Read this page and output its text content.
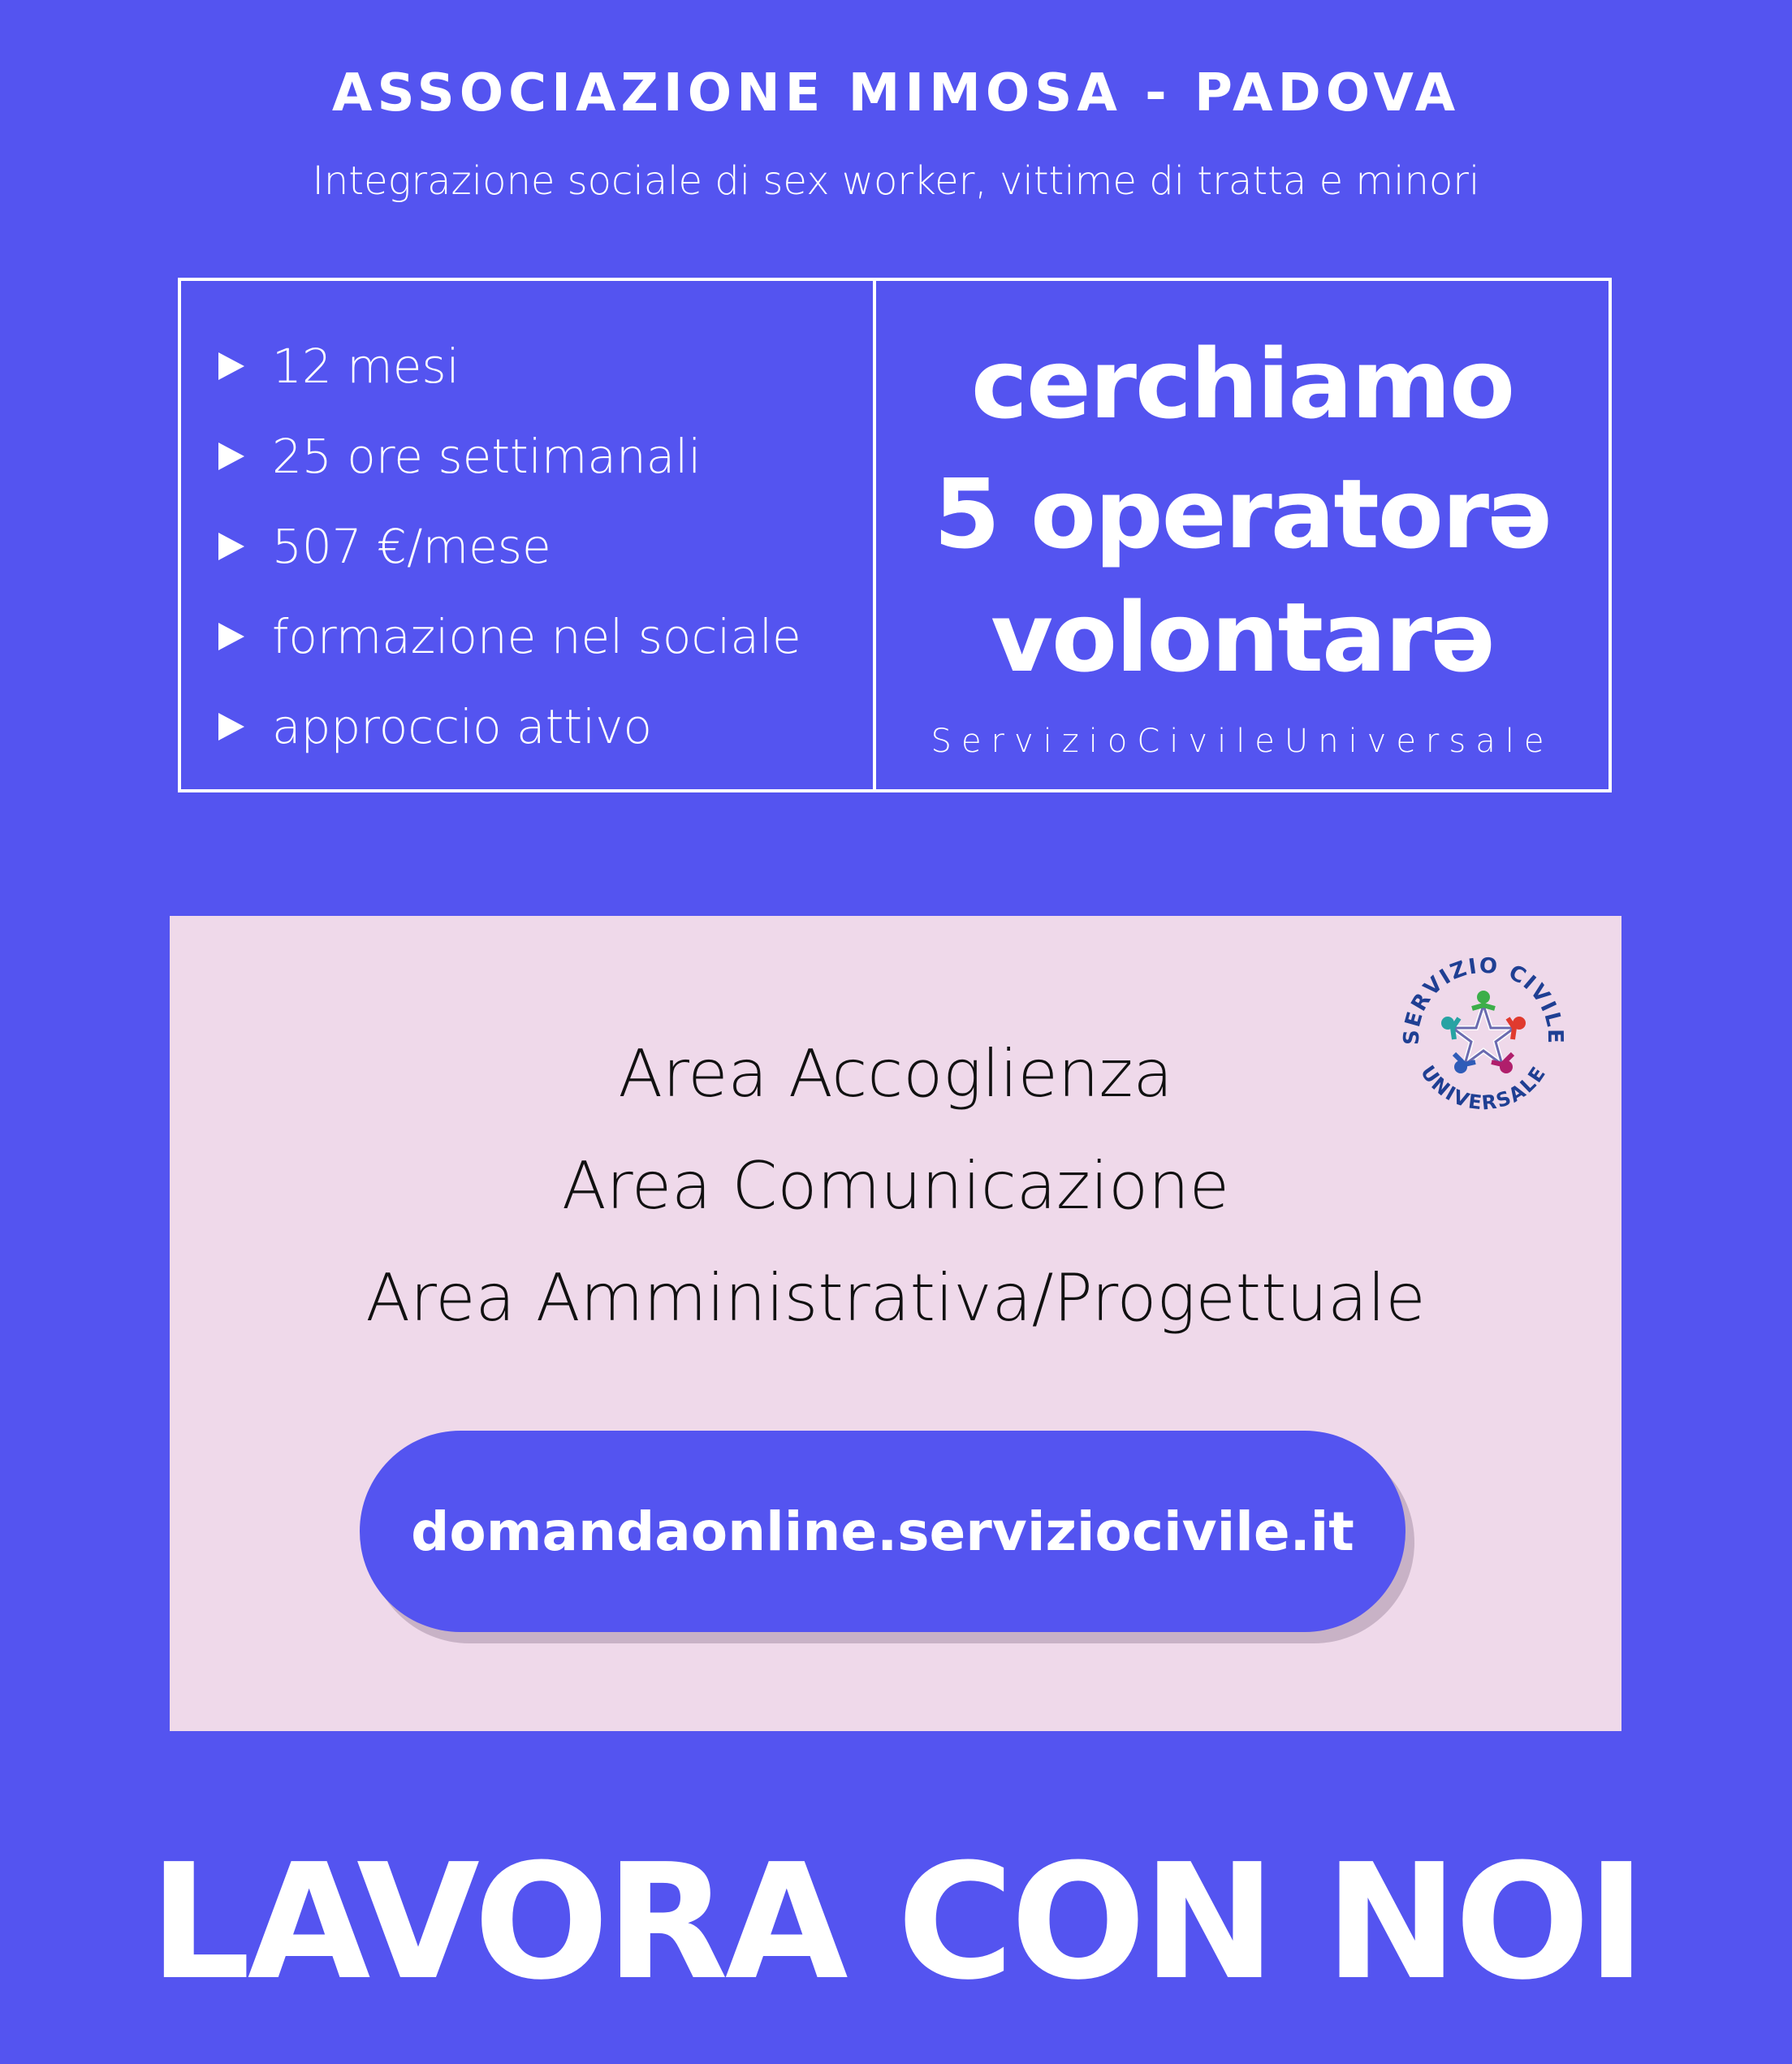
ASSOCIAZIONE MIMOSA - PADOVA
Integrazione sociale di sex worker, vittime di tratta e minori
12 mesi
25 ore settimanali
507 €/mese
formazione nel sociale
approccio attivo
cerchiamo
5 operatorə
volontarə
ServizioCivileUniversale
SERVIZIO CIVILE
UNIVERSALE
Area Accoglienza
Area Comunicazione
Area Amministrativa/Progettuale
domandaonline.serviziocivile.it
LAVORA CON NOI
